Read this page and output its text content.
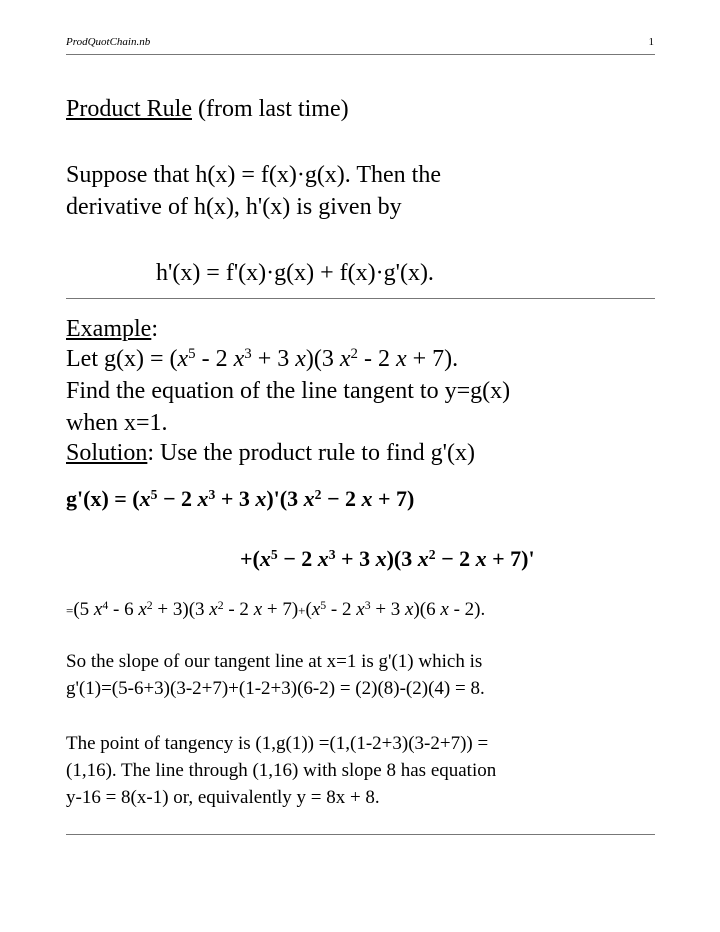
ProdQuotChain.nb	1
Product Rule (from last time)
Suppose that h(x) = f(x)·g(x). Then the
derivative of h(x), h'(x) is given by
h'(x) = f'(x)·g(x) + f(x)·g'(x).
Example:
Let $g(x) = (x^5 - 2$ $x^3 + 3$ x)(3 $x^2 - 2$ x + 7).
Find the equation of the line tangent to y=g(x)
when x=1.
Solution: Use the product rule to find g'(x)
$g'(x) = (x^5 - 2$ $x^3 + 3$ x)'(3 $x^2 - 2$ x + 7)
$+(x^5 - 2$ $x^3 + 3$ x)(3 $x^2 - 2$ x + 7)'
=(5 $x^4 - 6$ $x^2 + 3)(3$ $x^2 - 2$ $x + 7)+(x^5 - 2$ $x^3 + 3$ x)(6 x - 2).
So the slope of our tangent line at x=1 is g'(1) which is
g'(1)=(5-6+3)(3-2+7)+(1-2+3)(6-2) = (2)(8)-(2)(4) = 8.
The point of tangency is (1,g(1)) =(1,(1-2+3)(3-2+7)) =
(1,16). The line through (1,16) with slope 8 has equation
y-16 = 8(x-1) or, equivalently y = 8x + 8.
